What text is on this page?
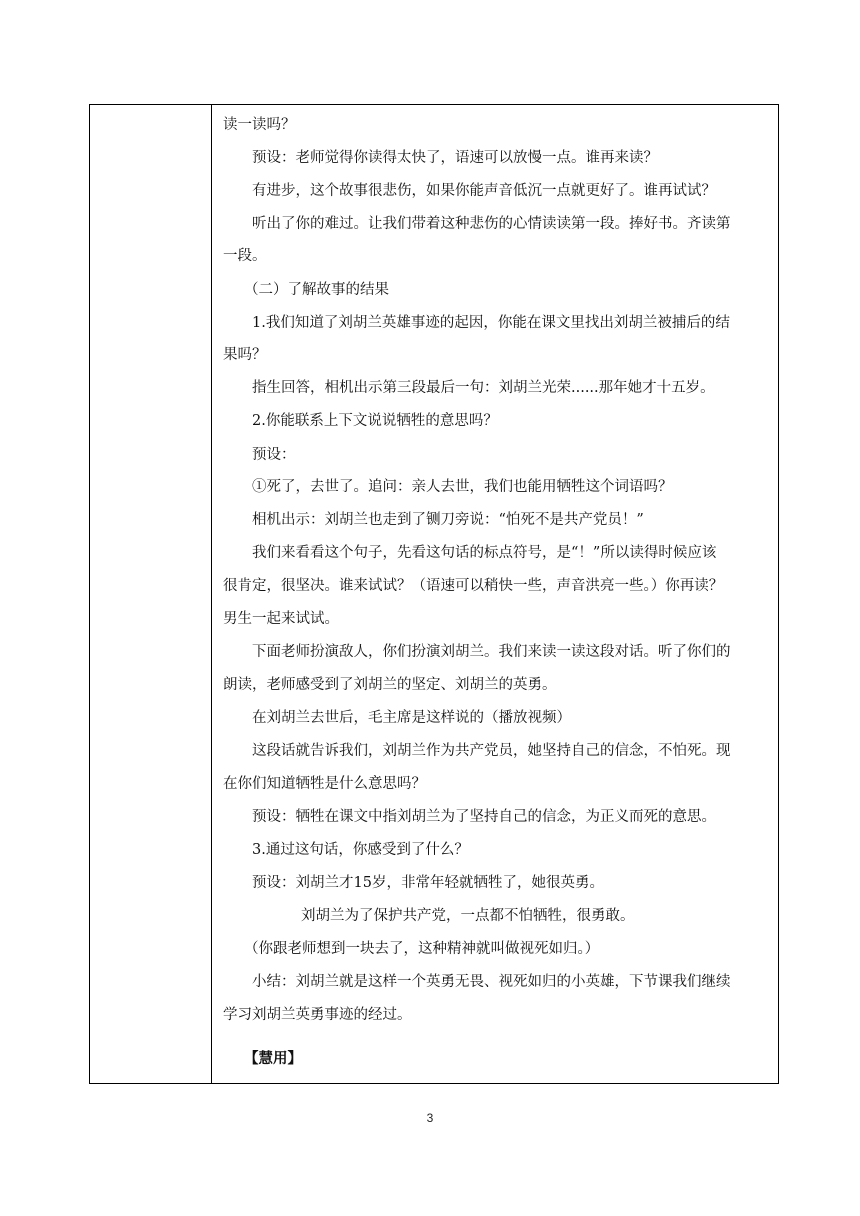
读一读吗？
预设：老师觉得你读得太快了，语速可以放慢一点。谁再来读？
有进步，这个故事很悲伤，如果你能声音低沉一点就更好了。谁再试试？
听出了你的难过。让我们带着这种悲伤的心情读读第一段。捧好书。齐读第
一段。
（二）了解故事的结果
1.我们知道了刘胡兰英雄事迹的起因，你能在课文里找出刘胡兰被捕后的结
果吗？
指生回答，相机出示第三段最后一句：刘胡兰光荣......那年她才十五岁。
2.你能联系上下文说说牺牲的意思吗？
预设：
①死了，去世了。追问：亲人去世，我们也能用牺牲这个词语吗？
相机出示：刘胡兰也走到了铡刀旁说：“怕死不是共产党员！”
我们来看看这个句子，先看这句话的标点符号，是“！”所以读得时候应该
很肯定，很坚决。谁来试试？（语速可以稍快一些，声音洪亮一些。）你再读？
男生一起来试试。
下面老师扮演敌人，你们扮演刘胡兰。我们来读一读这段对话。听了你们的
朗读，老师感受到了刘胡兰的坚定、刘胡兰的英勇。
在刘胡兰去世后，毛主席是这样说的（播放视频）
这段话就告诉我们，刘胡兰作为共产党员，她坚持自己的信念，不怕死。现
在你们知道牺牲是什么意思吗？
预设：牺牲在课文中指刘胡兰为了坚持自己的信念，为正义而死的意思。
3.通过这句话，你感受到了什么？
预设：刘胡兰才15岁，非常年轻就牺牲了，她很英勇。
刘胡兰为了保护共产党，一点都不怕牺牲，很勇敢。
（你跟老师想到一块去了，这种精神就叫做视死如归。）
小结：刘胡兰就是这样一个英勇无畏、视死如归的小英雄，下节课我们继续
学习刘胡兰英勇事迹的经过。
【慧用】
3
